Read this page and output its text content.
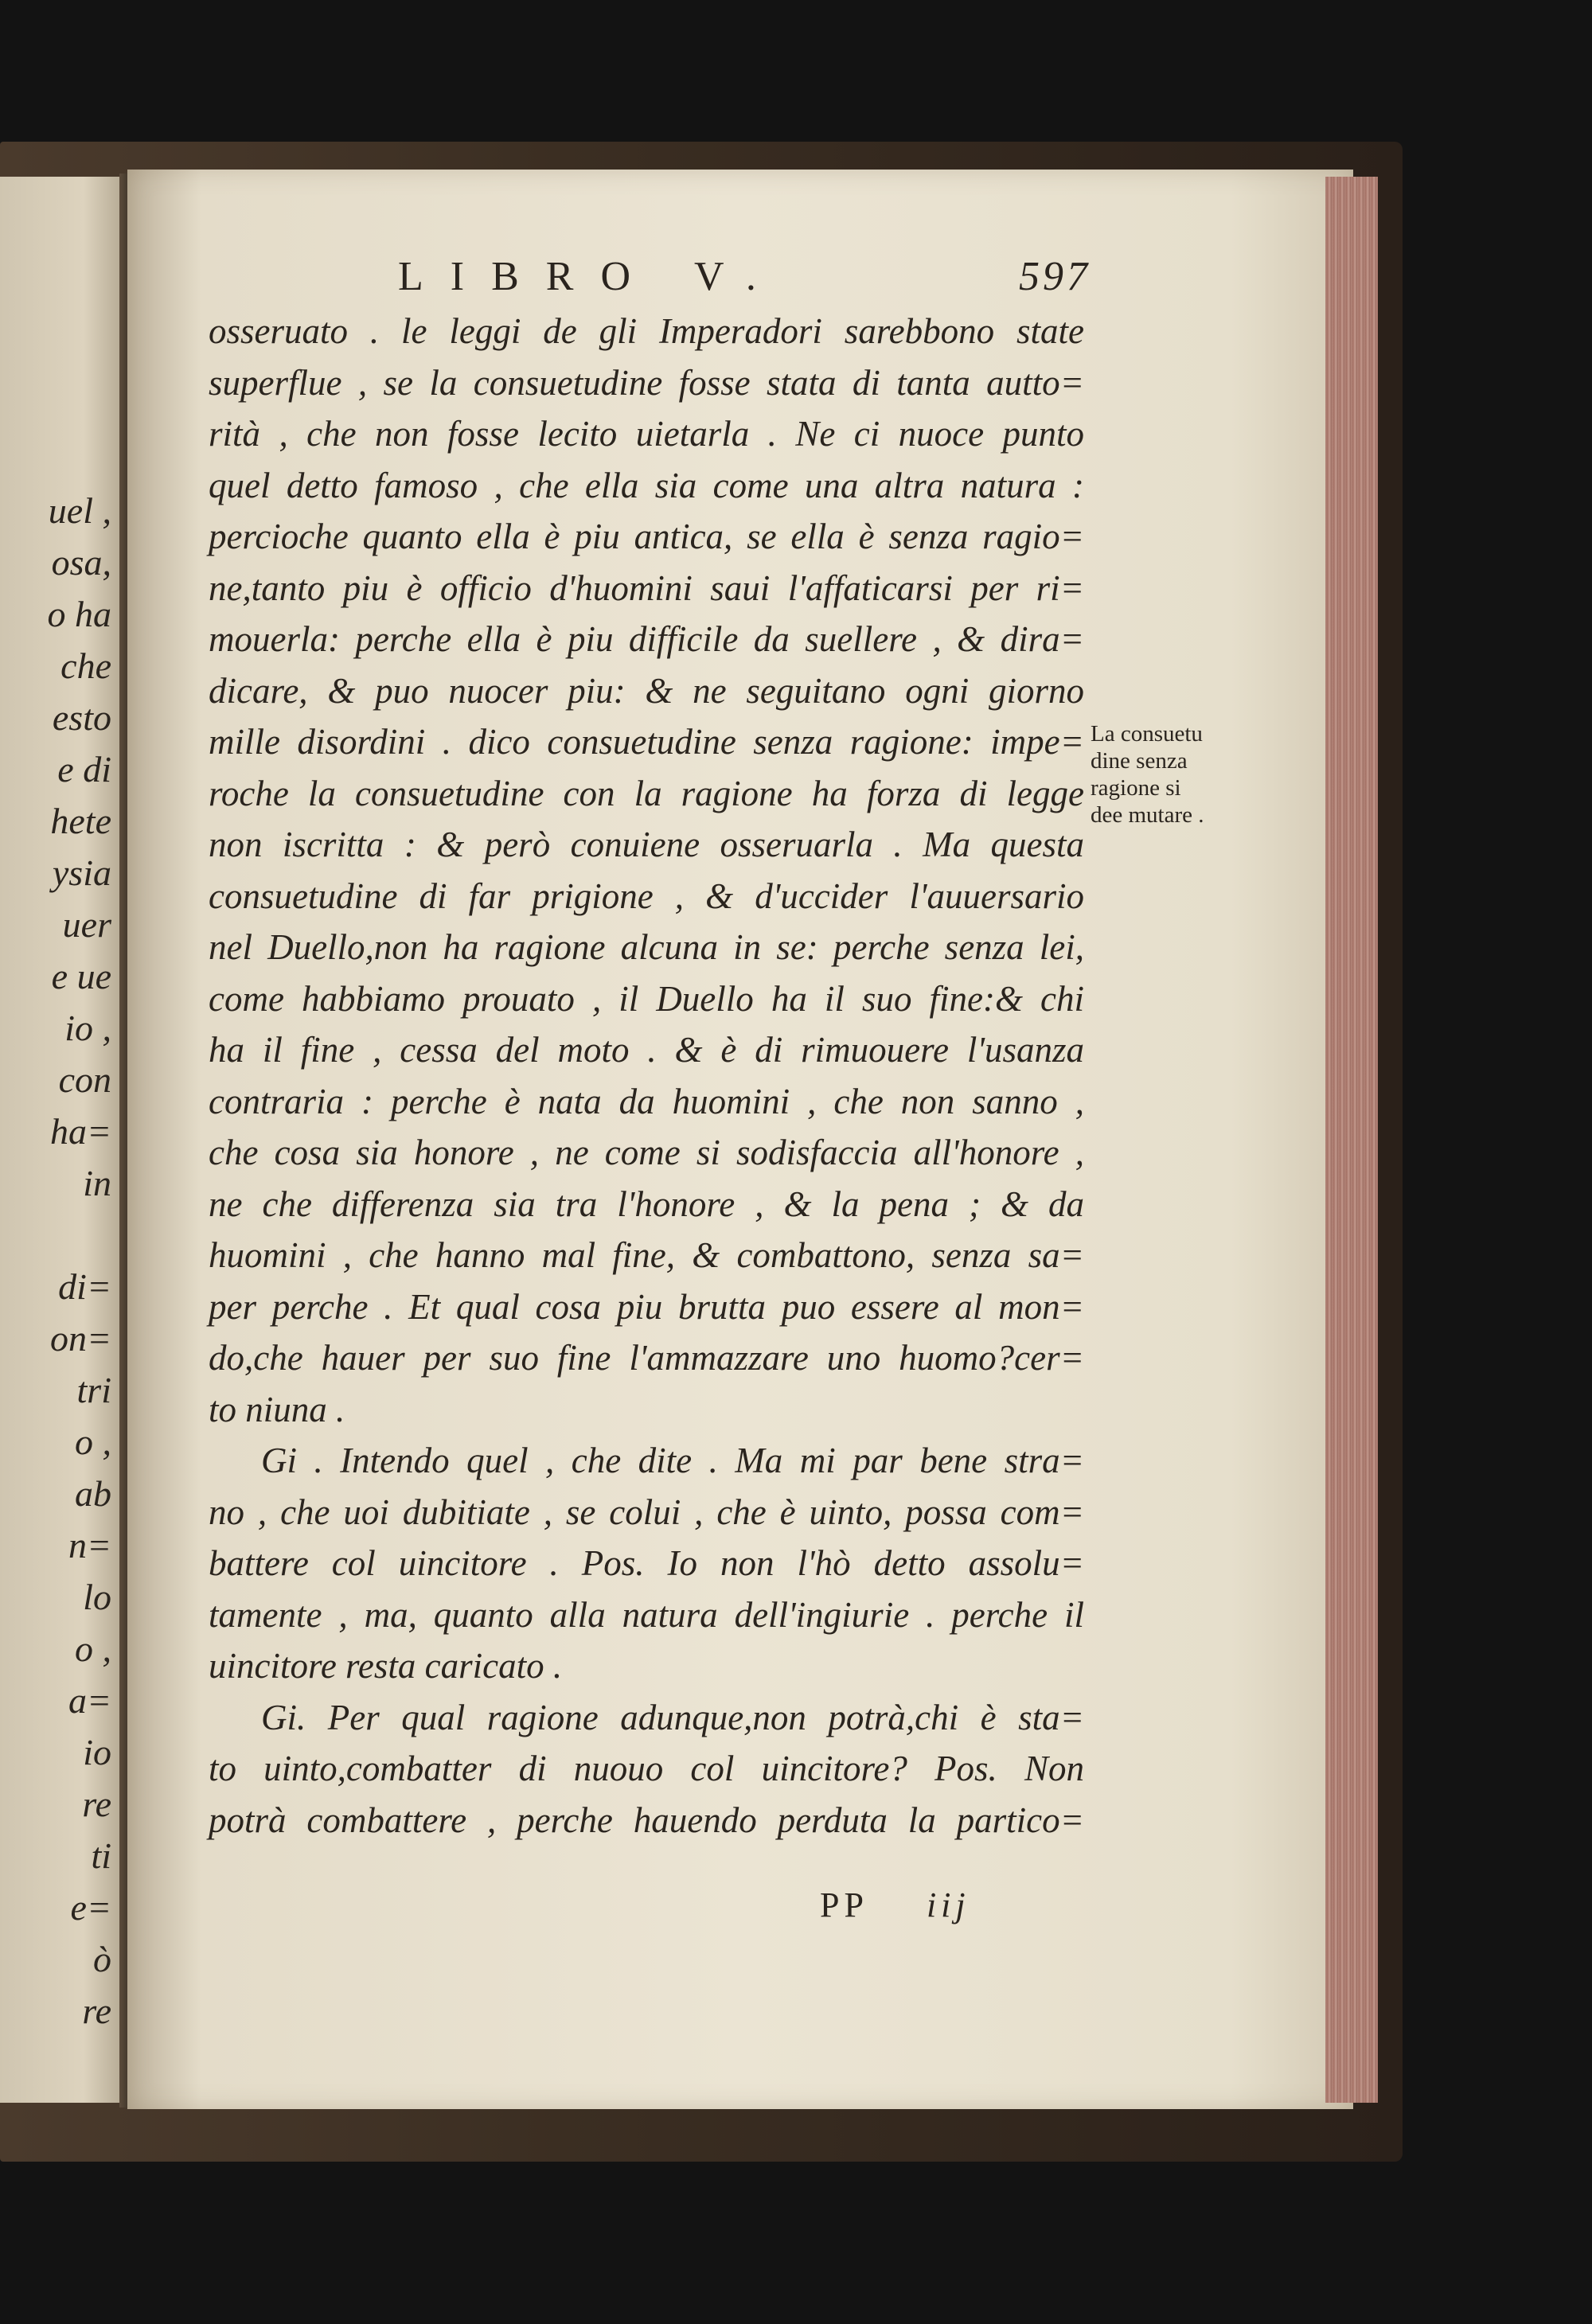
uel ,
osa,
o ha
che
esto
e di
hete
ysia
uer
e ue
io ,
con
ha=
in
di=
on=
tri
o ,
ab
n=
lo
o ,
a=
io
re
ti
e=
ò
re
LIBRO V.	597
osseruato . le leggi de gli Imperadori sarebbono state
superflue , se la consuetudine fosse stata di tanta autto=
rità , che non fosse lecito uietarla . Ne ci nuoce punto
quel detto famoso , che ella sia come una altra natura :
percioche quanto ella è piu antica, se ella è senza ragio=
ne,tanto piu è officio d'huomini saui l'affaticarsi per ri=
mouerla: perche ella è piu difficile da suellere , & dira=
dicare, & puo nuocer piu: & ne seguitano ogni giorno
mille disordini . dico consuetudine senza ragione: impe=
roche la consuetudine con la ragione ha forza di legge
non iscritta : & però conuiene osseruarla . Ma questa
consuetudine di far prigione , & d'uccider l'auuersario
nel Duello,non ha ragione alcuna in se: perche senza lei,
come habbiamo prouato , il Duello ha il suo fine:& chi
ha il fine , cessa del moto . & è di rimuouere l'usanza
contraria : perche è nata da huomini , che non sanno ,
che cosa sia honore , ne come si sodisfaccia all'honore ,
ne che differenza sia tra l'honore , & la pena ; & da
huomini , che hanno mal fine, & combattono, senza sa=
per perche . Et qual cosa piu brutta puo essere al mon=
do,che hauer per suo fine l'ammazzare uno huomo?cer=
to niuna .
Gi . Intendo quel , che dite . Ma mi par bene stra=
no , che uoi dubitiate , se colui , che è uinto, possa com=
battere col uincitore . Pos. Io non l'hò detto assolu=
tamente , ma, quanto alla natura dell'ingiurie . perche il
uincitore resta caricato .
Gi. Per qual ragione adunque,non potrà,chi è sta=
to uinto,combatter di nuouo col uincitore? Pos. Non
potrà combattere , perche hauendo perduta la partico=
La consuetu
dine senza
ragione si
dee mutare .
PP iij
